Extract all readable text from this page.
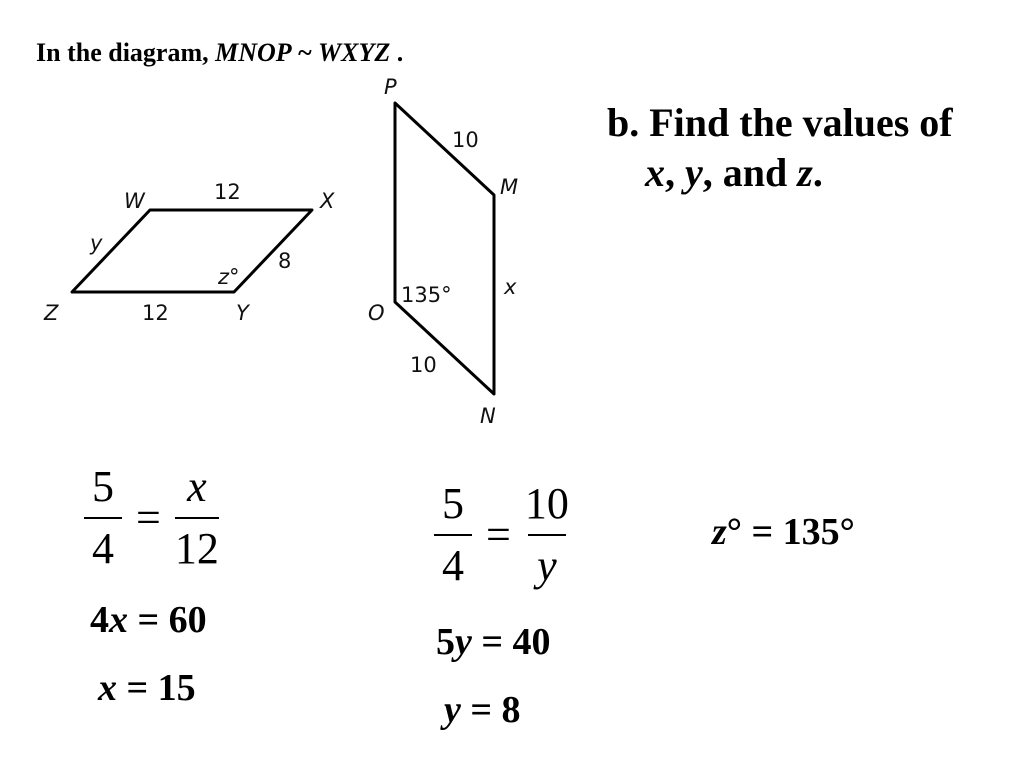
In the diagram, MNOP ~ WXYZ .
b. Find the values of
x, y, and z.
W	X
Y
Z
12
12
8
y
z°
P
M
N
O
10
10
x
135°
$\frac{5}{4} = \frac{x}{12}$
4x = 60
x = 15
$\frac{5}{4} = \frac{10}{y}$
5y = 40
y = 8
z° = 135°
